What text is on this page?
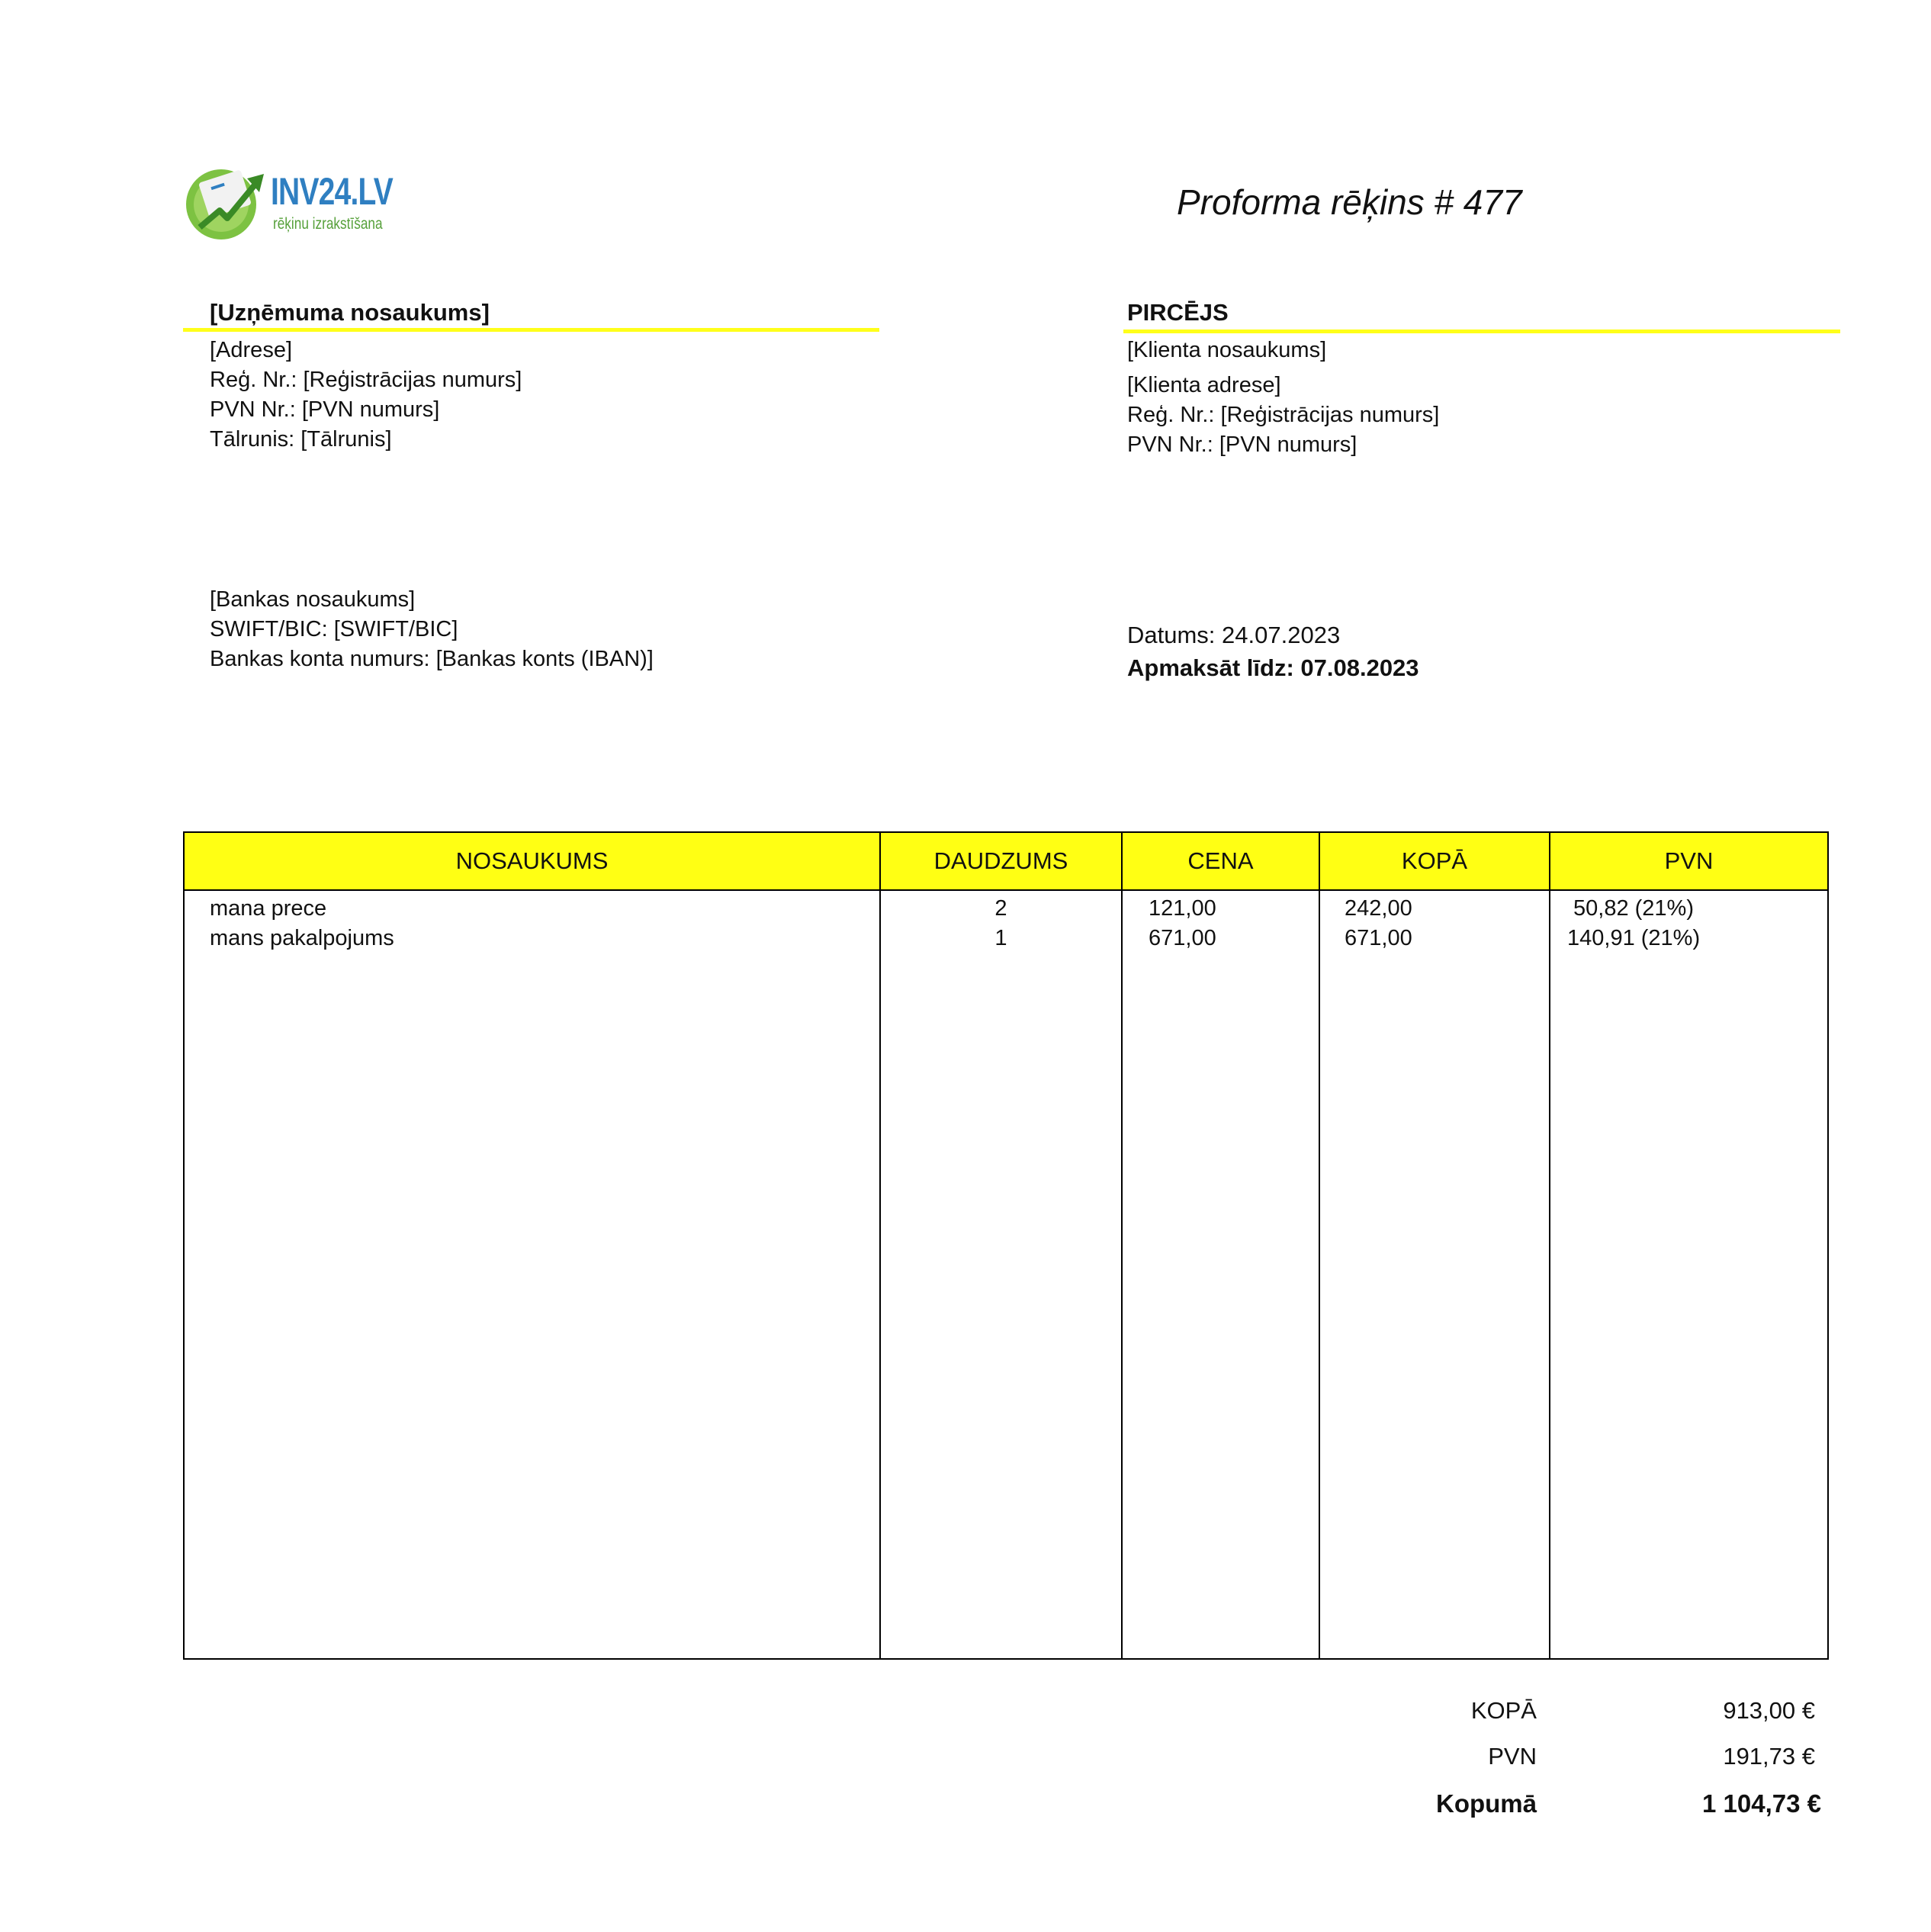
INV24.LV
rēķinu izrakstīšana
Proforma rēķins # 477
[Uzņēmuma nosaukums]
[Adrese]
Reģ. Nr.: [Reģistrācijas numurs]
PVN Nr.: [PVN numurs]
Tālrunis: [Tālrunis]
[Bankas nosaukums]
SWIFT/BIC: [SWIFT/BIC]
Bankas konta numurs: [Bankas konts (IBAN)]
PIRCĒJS
[Klienta nosaukums]
[Klienta adrese]
Reģ. Nr.: [Reģistrācijas numurs]
PVN Nr.: [PVN numurs]
Datums: 24.07.2023
Apmaksāt līdz: 07.08.2023
NOSAUKUMS	DAUDZUMS	CENA	KOPĀ	PVN
mana prece	2	121,00	242,00	50,82 (21%)
mans pakalpojums	1	671,00	671,00	140,91 (21%)
KOPĀ	913,00 €
PVN	191,73 €
Kopumā	1 104,73 €
